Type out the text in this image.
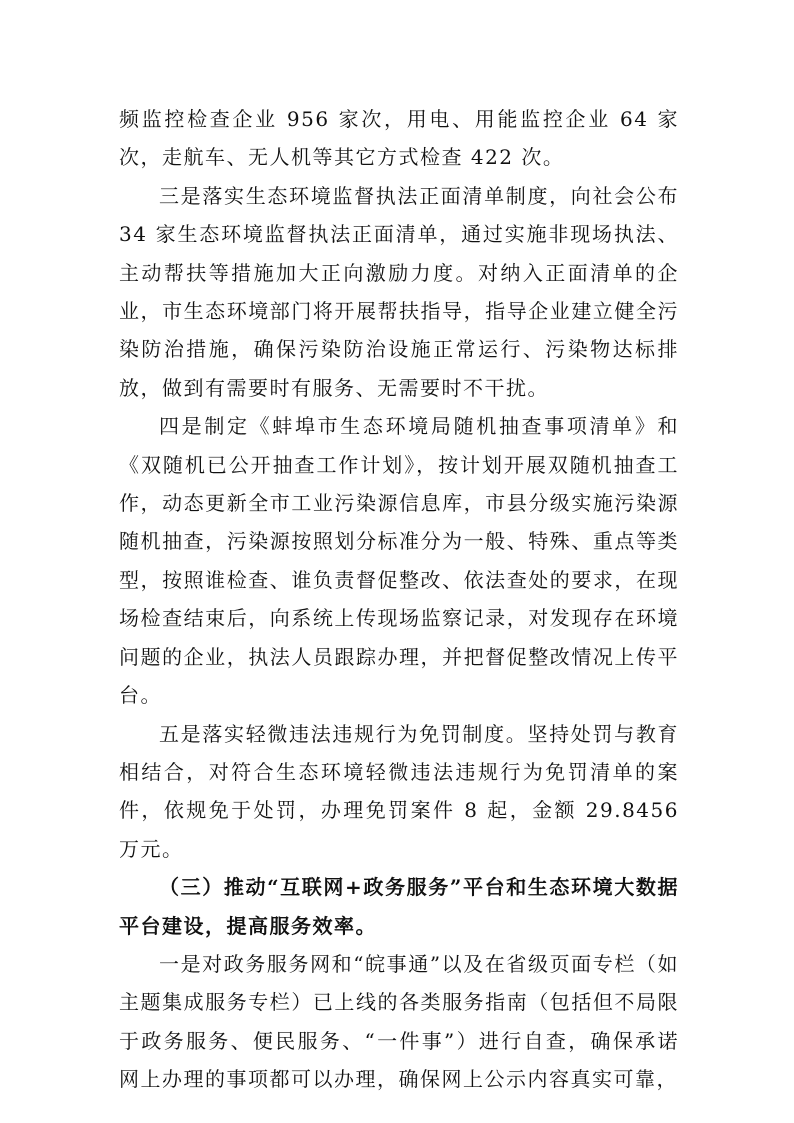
频监控检查企业 956 家次，用电、用能监控企业 64 家次，走航车、无人机等其它方式检查 422 次。

三是落实生态环境监督执法正面清单制度，向社会公布 34 家生态环境监督执法正面清单，通过实施非现场执法、主动帮扶等措施加大正向激励力度。对纳入正面清单的企业，市生态环境部门将开展帮扶指导，指导企业建立健全污染防治措施，确保污染防治设施正常运行、污染物达标排放，做到有需要时有服务、无需要时不干扰。

四是制定《蚌埠市生态环境局随机抽查事项清单》和《双随机已公开抽查工作计划》，按计划开展双随机抽查工作，动态更新全市工业污染源信息库，市县分级实施污染源随机抽查，污染源按照划分标准分为一般、特殊、重点等类型，按照谁检查、谁负责督促整改、依法查处的要求，在现场检查结束后，向系统上传现场监察记录，对发现存在环境问题的企业，执法人员跟踪办理，并把督促整改情况上传平台。

五是落实轻微违法违规行为免罚制度。坚持处罚与教育相结合，对符合生态环境轻微违法违规行为免罚清单的案件，依规免于处罚，办理免罚案件 8 起，金额 29.8456 万元。

（三）推动“互联网+政务服务”平台和生态环境大数据平台建设，提高服务效率。

一是对政务服务网和“皖事通”以及在省级页面专栏（如主题集成服务专栏）已上线的各类服务指南（包括但不局限于政务服务、便民服务、“一件事”）进行自查，确保承诺网上办理的事项都可以办理，确保网上公示内容真实可靠，
